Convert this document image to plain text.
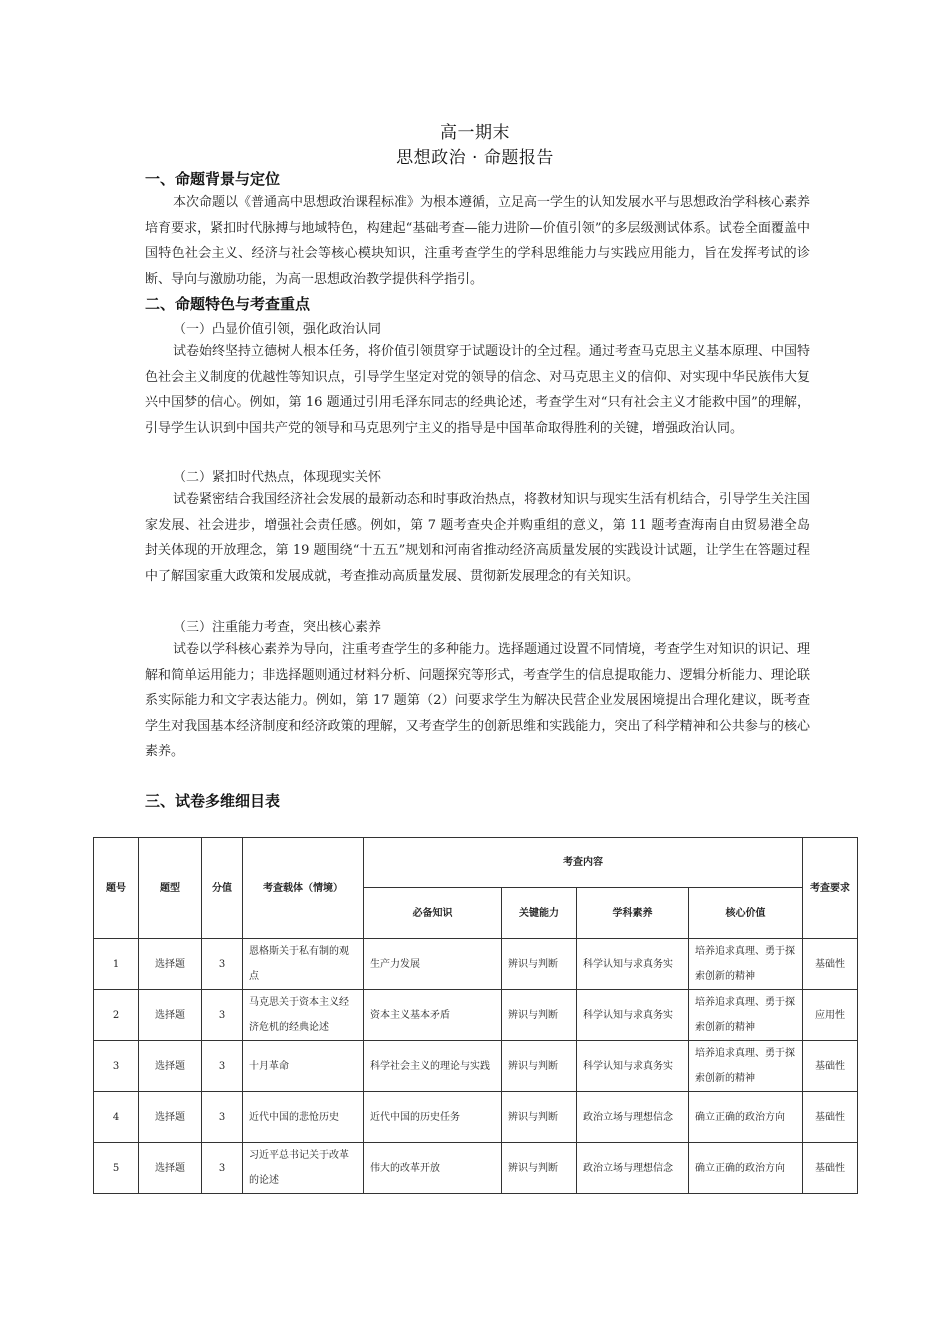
高一期末
思想政治 · 命题报告
一、命题背景与定位

本次命题以《普通高中思想政治课程标准》为根本遵循，立足高一学生的认知发展水平与思想政治学科核心素养培育要求，紧扣时代脉搏与地域特色，构建起“基础考查—能力进阶—价值引领”的多层级测试体系。试卷全面覆盖中国特色社会主义、经济与社会等核心模块知识，注重考查学生的学科思维能力与实践应用能力，旨在发挥考试的诊断、导向与激励功能，为高一思想政治教学提供科学指引。

二、命题特色与考查重点
（一）凸显价值引领，强化政治认同

试卷始终坚持立德树人根本任务，将价值引领贯穿于试题设计的全过程。通过考查马克思主义基本原理、中国特色社会主义制度的优越性等知识点，引导学生坚定对党的领导的信念、对马克思主义的信仰、对实现中华民族伟大复兴中国梦的信心。例如，第 16 题通过引用毛泽东同志的经典论述，考查学生对“只有社会主义才能救中国”的理解，引导学生认识到中国共产党的领导和马克思列宁主义的指导是中国革命取得胜利的关键，增强政治认同。

（二）紧扣时代热点，体现现实关怀

试卷紧密结合我国经济社会发展的最新动态和时事政治热点，将教材知识与现实生活有机结合，引导学生关注国家发展、社会进步，增强社会责任感。例如，第 7 题考查央企并购重组的意义，第 11 题考查海南自由贸易港全岛封关体现的开放理念，第 19 题围绕“十五五”规划和河南省推动经济高质量发展的实践设计试题，让学生在答题过程中了解国家重大政策和发展成就，考查推动高质量发展、贯彻新发展理念的有关知识。

（三）注重能力考查，突出核心素养

试卷以学科核心素养为导向，注重考查学生的多种能力。选择题通过设置不同情境，考查学生对知识的识记、理解和简单运用能力；非选择题则通过材料分析、问题探究等形式，考查学生的信息提取能力、逻辑分析能力、理论联系实际能力和文字表达能力。例如，第 17 题第（2）问要求学生为解决民营企业发展困境提出合理化建议，既考查学生对我国基本经济制度和经济政策的理解，又考查学生的创新思维和实践能力，突出了科学精神和公共参与的核心素养。

三、试卷多维细目表
题号	题型	分值	考查载体（情境）	考查内容				考查要求
				必备知识	关键能力	学科素养	核心价值	
1	选择题	3	恩格斯关于私有制的观点	生产力发展	辨识与判断	科学认知与求真务实	培养追求真理、勇于探索创新的精神	基础性
2	选择题	3	马克思关于资本主义经济危机的经典论述	资本主义基本矛盾	辨识与判断	科学认知与求真务实	培养追求真理、勇于探索创新的精神	应用性
3	选择题	3	十月革命	科学社会主义的理论与实践	辨识与判断	科学认知与求真务实	培养追求真理、勇于探索创新的精神	基础性
4	选择题	3	近代中国的悲怆历史	近代中国的历史任务	辨识与判断	政治立场与理想信念	确立正确的政治方向	基础性
5	选择题	3	习近平总书记关于改革的论述	伟大的改革开放	辨识与判断	政治立场与理想信念	确立正确的政治方向	基础性
